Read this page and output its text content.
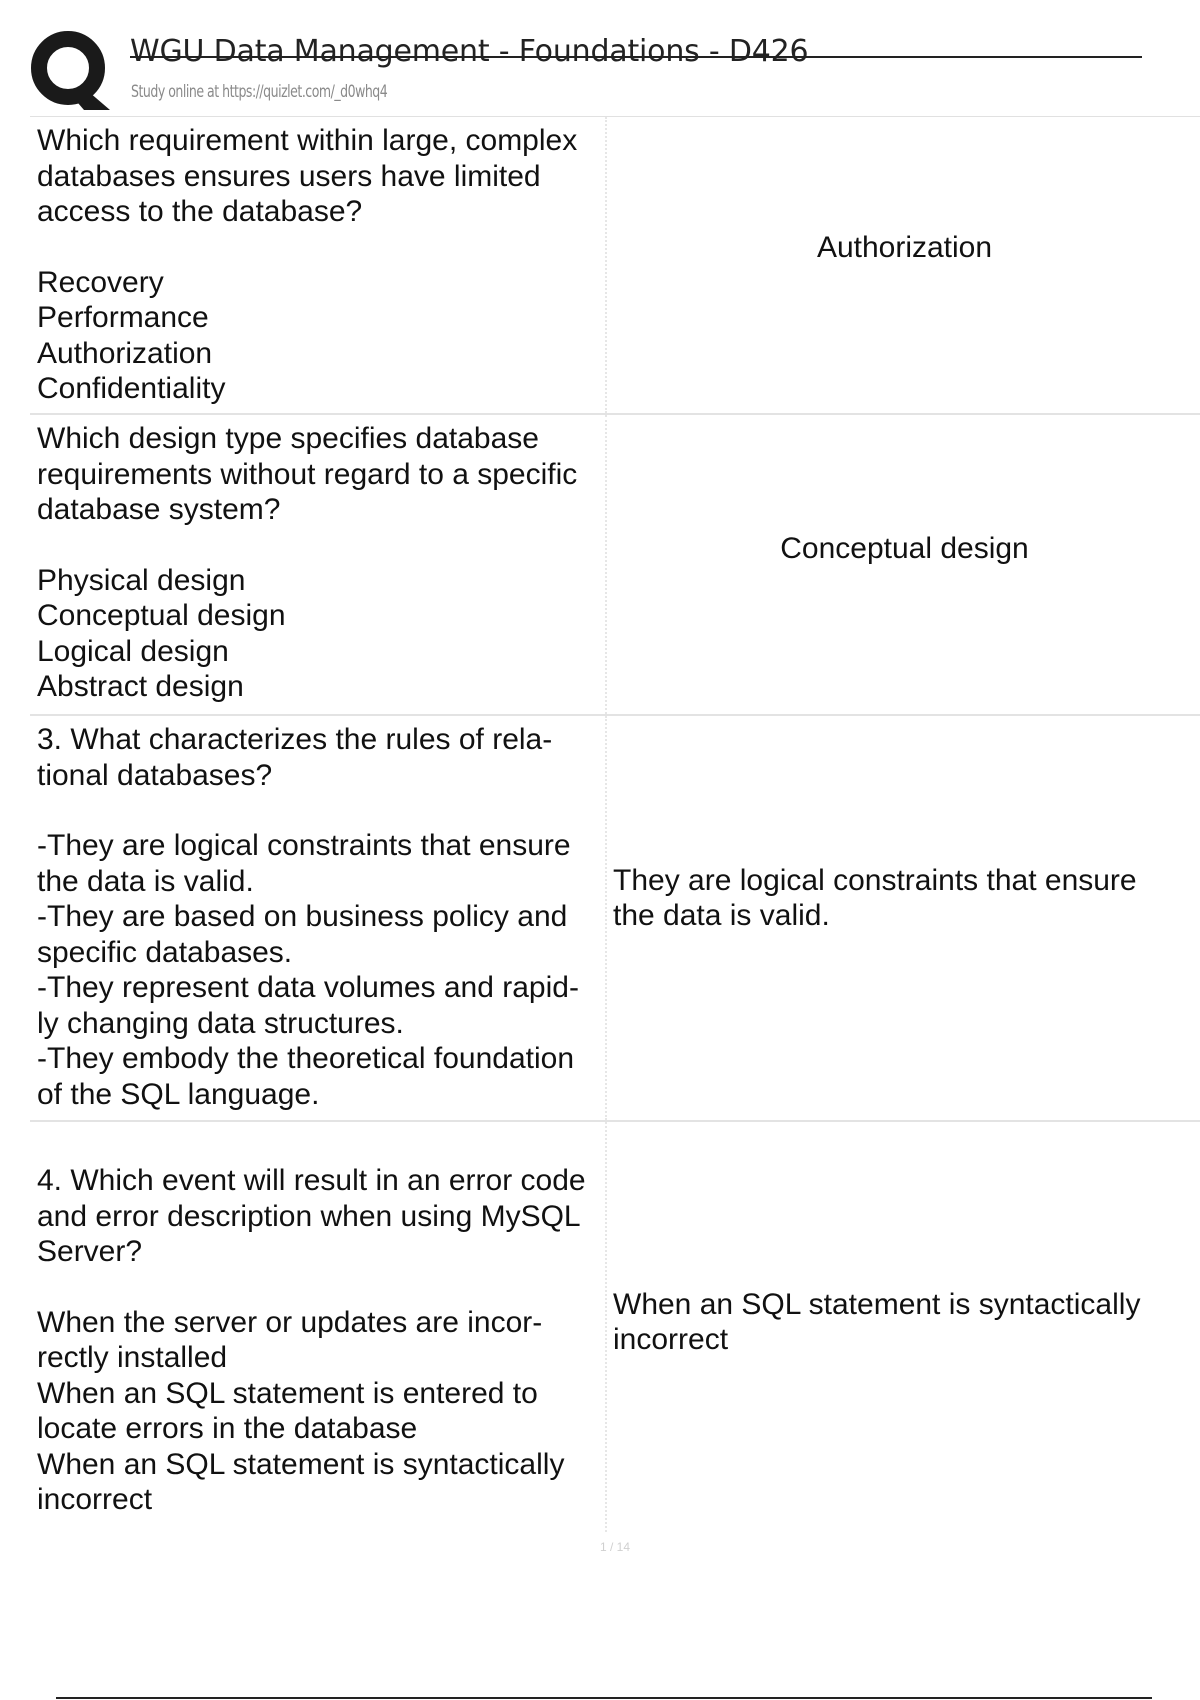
WGU Data Management - Foundations - D426
Study online at https://quizlet.com/_d0whq4

Which requirement within large, complex

databases ensures users have limited

access to the database?

Recovery

Performance

Authorization

Confidentiality

Authorization

Which design type specifies database

requirements without regard to a specific

database system?

Physical design

Conceptual design

Logical design

Abstract design

Conceptual design

3. What characterizes the rules of rela-

tional databases?

-They are logical constraints that ensure

the data is valid.

-They are based on business policy and

specific databases.

-They represent data volumes and rapid-

ly changing data structures.

-They embody the theoretical foundation

of the SQL language.

They are logical constraints that ensure

the data is valid.

4. Which event will result in an error code

and error description when using MySQL

Server?

When the server or updates are incor-

rectly installed

When an SQL statement is entered to

locate errors in the database

When an SQL statement is syntactically

incorrect

When an SQL statement is syntactically

incorrect

1 / 14
